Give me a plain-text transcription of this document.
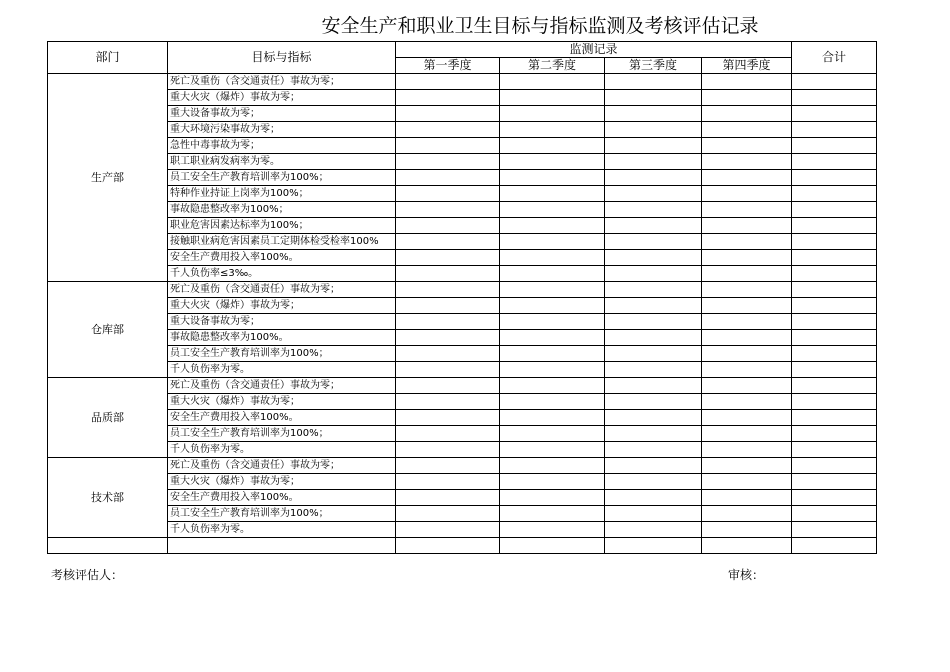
安全生产和职业卫生目标与指标监测及考核评估记录
部门	目标与指标	监测记录				合计
		第一季度	第二季度	第三季度	第四季度	
生产部	死亡及重伤（含交通责任）事故为零；					
	重大火灾（爆炸）事故为零；					
	重大设备事故为零；					
	重大环境污染事故为零；					
	急性中毒事故为零；					
	职工职业病发病率为零。					
	员工安全生产教育培训率为100%；					
	特种作业持证上岗率为100%；					
	事故隐患整改率为100%；					
	职业危害因素达标率为100%；					
	接触职业病危害因素员工定期体检受检率100%					
	安全生产费用投入率100%。					
	千人负伤率≤3‰。					
仓库部	死亡及重伤（含交通责任）事故为零；					
	重大火灾（爆炸）事故为零；					
	重大设备事故为零；					
	事故隐患整改率为100%。					
	员工安全生产教育培训率为100%；					
	千人负伤率为零。					
品质部	死亡及重伤（含交通责任）事故为零；					
	重大火灾（爆炸）事故为零；					
	安全生产费用投入率100%。					
	员工安全生产教育培训率为100%；					
	千人负伤率为零。					
技术部	死亡及重伤（含交通责任）事故为零；					
	重大火灾（爆炸）事故为零；					
	安全生产费用投入率100%。					
	员工安全生产教育培训率为100%；					
	千人负伤率为零。					

考核评估人：	审核：
